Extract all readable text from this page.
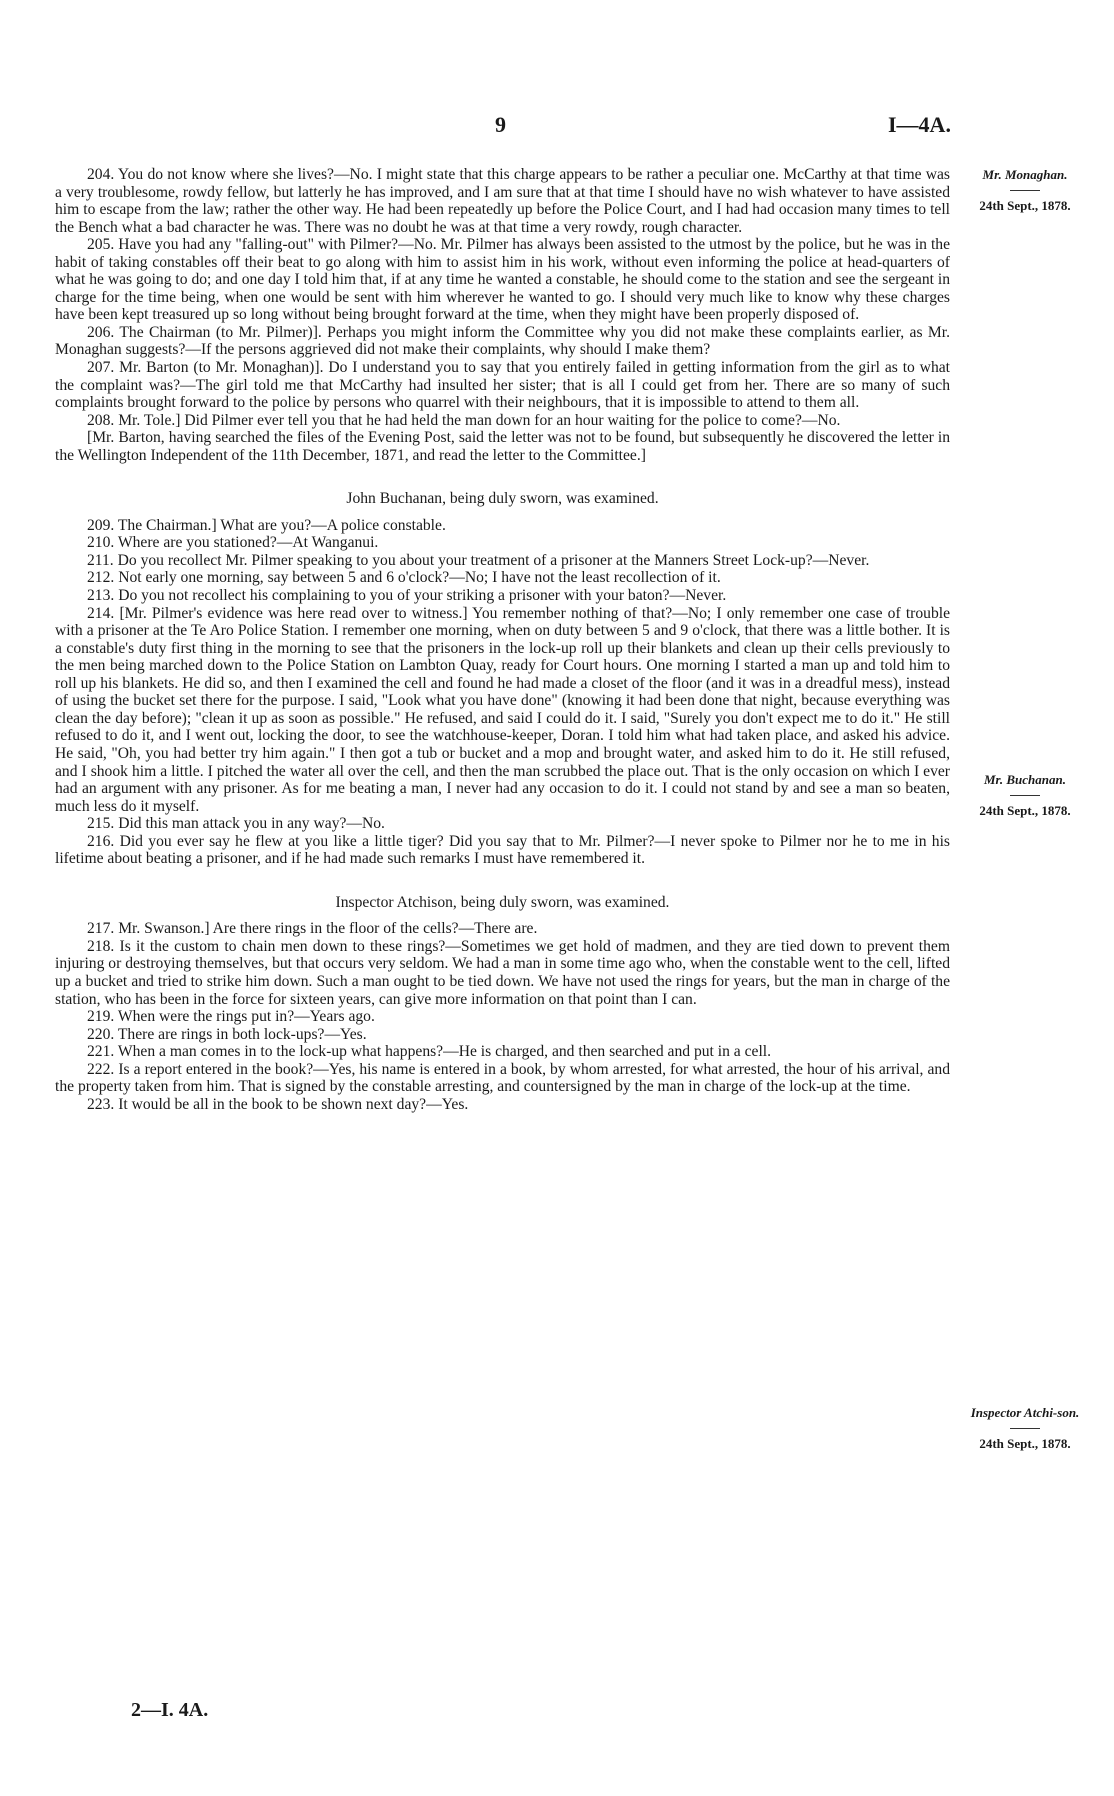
9	I—4A.
Mr. Monaghan.
24th Sept., 1878.
Mr. Buchanan.
24th Sept., 1878.
Inspector Atchi-son.
24th Sept., 1878.

204. You do not know where she lives?—No. I might state that this charge appears to be rather a peculiar one. McCarthy at that time was a very troublesome, rowdy fellow, but latterly he has improved, and I am sure that at that time I should have no wish whatever to have assisted him to escape from the law; rather the other way. He had been repeatedly up before the Police Court, and I had had occasion many times to tell the Bench what a bad character he was. There was no doubt he was at that time a very rowdy, rough character.

205. Have you had any "falling-out" with Pilmer?—No. Mr. Pilmer has always been assisted to the utmost by the police, but he was in the habit of taking constables off their beat to go along with him to assist him in his work, without even informing the police at head-quarters of what he was going to do; and one day I told him that, if at any time he wanted a constable, he should come to the station and see the sergeant in charge for the time being, when one would be sent with him wherever he wanted to go. I should very much like to know why these charges have been kept treasured up so long without being brought forward at the time, when they might have been properly disposed of.

206. The Chairman (to Mr. Pilmer)]. Perhaps you might inform the Committee why you did not make these complaints earlier, as Mr. Monaghan suggests?—If the persons aggrieved did not make their complaints, why should I make them?

207. Mr. Barton (to Mr. Monaghan)]. Do I understand you to say that you entirely failed in getting information from the girl as to what the complaint was?—The girl told me that McCarthy had insulted her sister; that is all I could get from her. There are so many of such complaints brought forward to the police by persons who quarrel with their neighbours, that it is impossible to attend to them all.

208. Mr. Tole.] Did Pilmer ever tell you that he had held the man down for an hour waiting for the police to come?—No.

[Mr. Barton, having searched the files of the Evening Post, said the letter was not to be found, but subsequently he discovered the letter in the Wellington Independent of the 11th December, 1871, and read the letter to the Committee.]

John Buchanan, being duly sworn, was examined.

209. The Chairman.] What are you?—A police constable.

210. Where are you stationed?—At Wanganui.

211. Do you recollect Mr. Pilmer speaking to you about your treatment of a prisoner at the Manners Street Lock-up?—Never.

212. Not early one morning, say between 5 and 6 o'clock?—No; I have not the least recollection of it.

213. Do you not recollect his complaining to you of your striking a prisoner with your baton?—Never.

214. [Mr. Pilmer's evidence was here read over to witness.] You remember nothing of that?—No; I only remember one case of trouble with a prisoner at the Te Aro Police Station. I remember one morning, when on duty between 5 and 9 o'clock, that there was a little bother. It is a constable's duty first thing in the morning to see that the prisoners in the lock-up roll up their blankets and clean up their cells previously to the men being marched down to the Police Station on Lambton Quay, ready for Court hours. One morning I started a man up and told him to roll up his blankets. He did so, and then I examined the cell and found he had made a closet of the floor (and it was in a dreadful mess), instead of using the bucket set there for the purpose. I said, "Look what you have done" (knowing it had been done that night, because everything was clean the day before); "clean it up as soon as possible." He refused, and said I could do it. I said, "Surely you don't expect me to do it." He still refused to do it, and I went out, locking the door, to see the watchhouse-keeper, Doran. I told him what had taken place, and asked his advice. He said, "Oh, you had better try him again." I then got a tub or bucket and a mop and brought water, and asked him to do it. He still refused, and I shook him a little. I pitched the water all over the cell, and then the man scrubbed the place out. That is the only occasion on which I ever had an argument with any prisoner. As for me beating a man, I never had any occasion to do it. I could not stand by and see a man so beaten, much less do it myself.

215. Did this man attack you in any way?—No.

216. Did you ever say he flew at you like a little tiger? Did you say that to Mr. Pilmer?—I never spoke to Pilmer nor he to me in his lifetime about beating a prisoner, and if he had made such remarks I must have remembered it.

Inspector Atchison, being duly sworn, was examined.

217. Mr. Swanson.] Are there rings in the floor of the cells?—There are.

218. Is it the custom to chain men down to these rings?—Sometimes we get hold of madmen, and they are tied down to prevent them injuring or destroying themselves, but that occurs very seldom. We had a man in some time ago who, when the constable went to the cell, lifted up a bucket and tried to strike him down. Such a man ought to be tied down. We have not used the rings for years, but the man in charge of the station, who has been in the force for sixteen years, can give more information on that point than I can.

219. When were the rings put in?—Years ago.

220. There are rings in both lock-ups?—Yes.

221. When a man comes in to the lock-up what happens?—He is charged, and then searched and put in a cell.

222. Is a report entered in the book?—Yes, his name is entered in a book, by whom arrested, for what arrested, the hour of his arrival, and the property taken from him. That is signed by the constable arresting, and countersigned by the man in charge of the lock-up at the time.

223. It would be all in the book to be shown next day?—Yes.

2—I. 4A.
